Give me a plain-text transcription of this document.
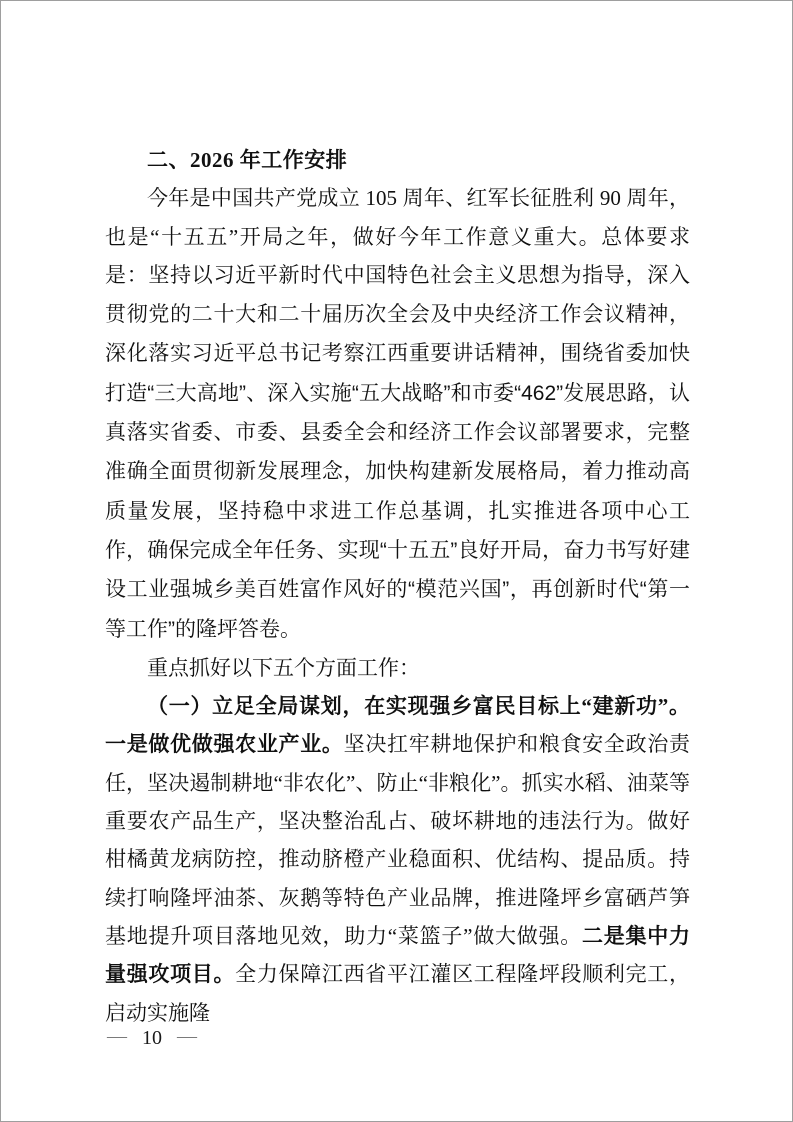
二、2026 年工作安排

今年是中国共产党成立 105 周年、红军长征胜利 90 周年，也是“十五五”开局之年，做好今年工作意义重大。总体要求是：坚持以习近平新时代中国特色社会主义思想为指导，深入贯彻党的二十大和二十届历次全会及中央经济工作会议精神，深化落实习近平总书记考察江西重要讲话精神，围绕省委加快打造“三大高地”、深入实施“五大战略”和市委“462”发展思路，认真落实省委、市委、县委全会和经济工作会议部署要求，完整准确全面贯彻新发展理念，加快构建新发展格局，着力推动高质量发展，坚持稳中求进工作总基调，扎实推进各项中心工作，确保完成全年任务、实现“十五五”良好开局，奋力书写好建设工业强城乡美百姓富作风好的“模范兴国”，再创新时代“第一等工作”的隆坪答卷。

重点抓好以下五个方面工作：

（一）立足全局谋划，在实现强乡富民目标上“建新功”。一是做优做强农业产业。坚决扛牢耕地保护和粮食安全政治责任，坚决遏制耕地“非农化”、防止“非粮化”。抓实水稻、油菜等重要农产品生产，坚决整治乱占、破坏耕地的违法行为。做好柑橘黄龙病防控，推动脐橙产业稳面积、优结构、提品质。持续打响隆坪油茶、灰鹅等特色产业品牌，推进隆坪乡富硒芦笋基地提升项目落地见效，助力“菜篮子”做大做强。二是集中力量强攻项目。全力保障江西省平江灌区工程隆坪段顺利完工，启动实施隆

— 10 —
